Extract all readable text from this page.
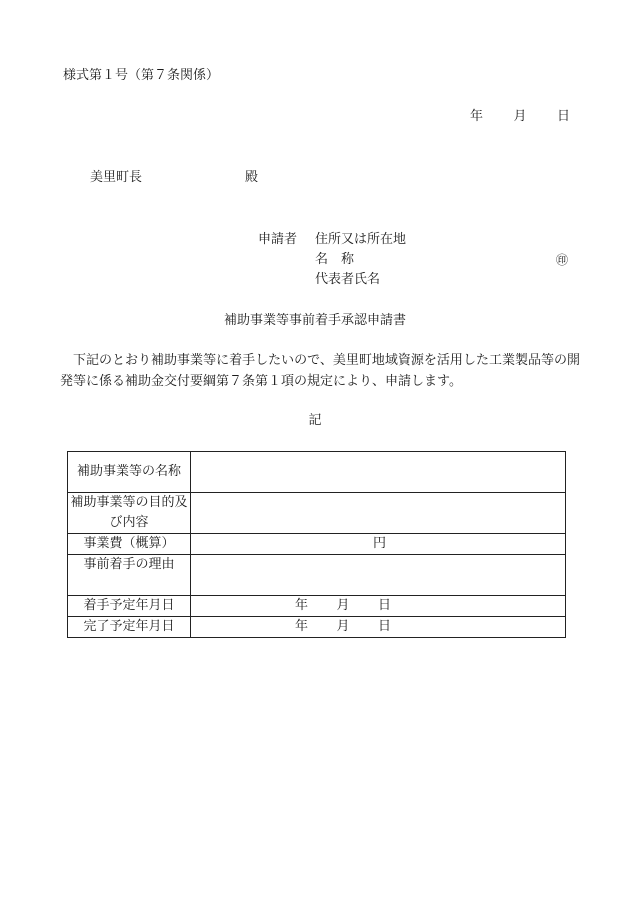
様式第１号（第７条関係）
年 月 日
美里町長	殿
申請者 住所又は所在地
名　称
代表者氏名
㊞
補助事業等事前着手承認申請書
下記のとおり補助事業等に着手したいので、美里町地域資源を活用した工業製品等の開発等に係る補助金交付要綱第７条第１項の規定により、申請します。
記
補助事業等の名称	
補助事業等の目的及び内容	
事業費（概算）	円

事前着手の理由	
着手予定年月日	年 月 日

完了予定年月日	年 月 日
